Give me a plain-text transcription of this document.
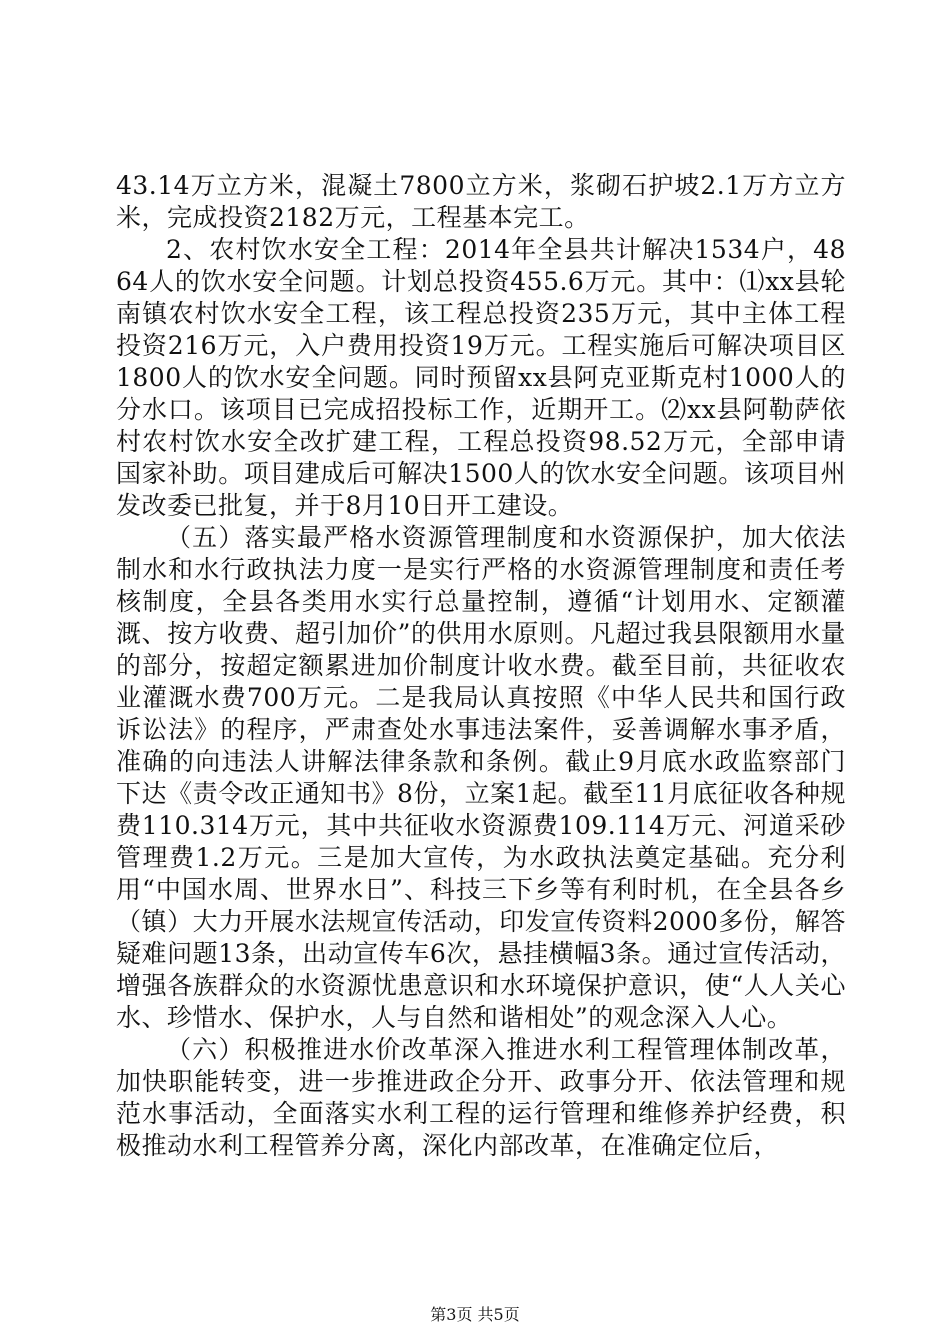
43.14万立方米，混凝土7800立方米，浆砌石护坡2.1万方立方米，完成投资2182万元，工程基本完工。

2、农村饮水安全工程：2014年全县共计解决1534户，4864人的饮水安全问题。计划总投资455.6万元。其中：⑴xx县轮南镇农村饮水安全工程，该工程总投资235万元，其中主体工程投资216万元，入户费用投资19万元。工程实施后可解决项目区1800人的饮水安全问题。同时预留xx县阿克亚斯克村1000人的分水口。该项目已完成招投标工作，近期开工。⑵xx县阿勒萨依村农村饮水安全改扩建工程，工程总投资98.52万元，全部申请国家补助。项目建成后可解决1500人的饮水安全问题。该项目州发改委已批复，并于8月10日开工建设。

（五）落实最严格水资源管理制度和水资源保护，加大依法制水和水行政执法力度一是实行严格的水资源管理制度和责任考核制度，全县各类用水实行总量控制，遵循“计划用水、定额灌溉、按方收费、超引加价”的供用水原则。凡超过我县限额用水量的部分，按超定额累进加价制度计收水费。截至目前，共征收农业灌溉水费700万元。二是我局认真按照《中华人民共和国行政诉讼法》的程序，严肃查处水事违法案件，妥善调解水事矛盾，准确的向违法人讲解法律条款和条例。截止9月底水政监察部门下达《责令改正通知书》8份，立案1起。截至11月底征收各种规费110.314万元，其中共征收水资源费109.114万元、河道采砂管理费1.2万元。三是加大宣传，为水政执法奠定基础。充分利用“中国水周、世界水日”、科技三下乡等有利时机，在全县各乡（镇）大力开展水法规宣传活动，印发宣传资料2000多份，解答疑难问题13条，出动宣传车6次，悬挂横幅3条。通过宣传活动，增强各族群众的水资源忧患意识和水环境保护意识，使“人人关心水、珍惜水、保护水，人与自然和谐相处”的观念深入人心。

（六）积极推进水价改革深入推进水利工程管理体制改革，加快职能转变，进一步推进政企分开、政事分开、依法管理和规范水事活动，全面落实水利工程的运行管理和维修养护经费，积极推动水利工程管养分离，深化内部改革，在准确定位后，

第3页 共5页
